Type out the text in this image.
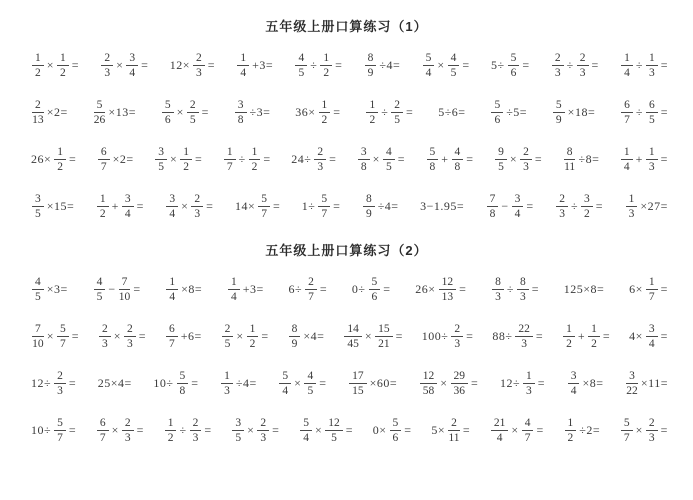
五年级上册口算练习（1）
$\frac{1}{2} \times \frac{1}{2} = \frac{2}{3} \times \frac{3}{4} = 12\times \frac{2}{3} = \frac{1}{4} +3= \frac{4}{5} \div \frac{1}{2} = \frac{8}{9} \div 4= \frac{5}{4} \times \frac{4}{5} = 5\div \frac{5}{6} = \frac{2}{3} \div \frac{2}{3} = \frac{1}{4} \div \frac{1}{3}$ =
$\frac{2}{13} \times 2= \frac{5}{26} \times 13= \frac{5}{6} \times \frac{2}{5} = \frac{3}{8} \div 3= 36\times \frac{1}{2} = \frac{1}{2} \div \frac{2}{5} = 5\div 6= \frac{5}{6} \div 5= \frac{5}{9} \times 18= \frac{6}{7} \div \frac{6}{5}$ =
$26\times \frac{1}{2} = \frac{6}{7} \times 2= \frac{3}{5} \times \frac{1}{2} = \frac{1}{7} \div \frac{1}{2} = 24\div \frac{2}{3} = \frac{3}{8} \times \frac{4}{5} = \frac{5}{8} + \frac{4}{8} = \frac{9}{5} \times \frac{2}{3} = \frac{8}{11} \div 8= \frac{1}{4} + \frac{1}{3}$ =
$\frac{3}{5} \times 15= \frac{1}{2} + \frac{3}{4} = \frac{3}{4} \times \frac{2}{3} = 14\times \frac{5}{7} = 1\div \frac{5}{7} = \frac{8}{9} \div 4= 3-1.95= \frac{7}{8} - \frac{3}{4} = \frac{2}{3} \div \frac{3}{2} = \frac{1}{3} \times 27=$
五年级上册口算练习（2）
$\frac{4}{5} \times 3= \frac{4}{5} - \frac{7}{10} = \frac{1}{4} \times 8= \frac{1}{4} +3= 6\div \frac{2}{7} = 0\div \frac{5}{6} = 26\times \frac{12}{13} = \frac{8}{3} \div \frac{8}{3} = 125\times 8= 6\times \frac{1}{7}$ =
$\frac{7}{10} \times \frac{5}{7} = \frac{2}{3} \times \frac{2}{3} = \frac{6}{7} +6= \frac{2}{5} \times \frac{1}{2} = \frac{8}{9} \times 4= \frac{14}{45} \times \frac{15}{21} = 100\div \frac{2}{3} = 88\div \frac{22}{3} = \frac{1}{2} + \frac{1}{2} = 4\times \frac{3}{4}$ =
$12\div \frac{2}{3} = 25\times 4= 10\div \frac{5}{8} = \frac{1}{3} \div 4= \frac{5}{4} \times \frac{4}{5} = \frac{17}{15} \times 60= \frac{12}{58} \times \frac{29}{36} = 12\div \frac{1}{3} = \frac{3}{4} \times 8= \frac{3}{22} \times 11=$
$10\div \frac{5}{7} = \frac{6}{7} \times \frac{2}{3} = \frac{1}{2} \div \frac{2}{3} = \frac{3}{5} \times \frac{2}{3} = \frac{5}{4} \times \frac{12}{5} = 0\times \frac{5}{6} = 5\times \frac{2}{11} = \frac{21}{4} \times \frac{4}{7} = \frac{1}{2} \div 2= \frac{5}{7} \times \frac{2}{3}$ =
